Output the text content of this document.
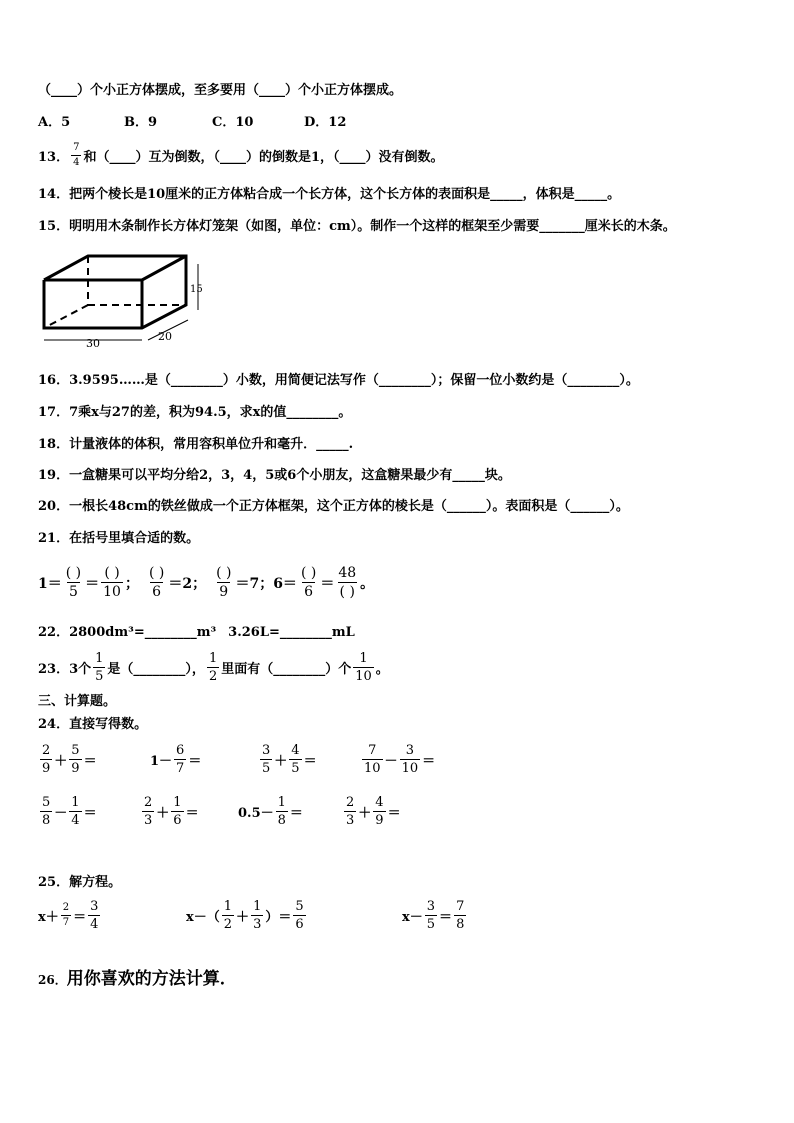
（____）个小正方体摆成，至多要用（____）个小正方体摆成。
A．5	B．9	C．10	D．12
13． $\frac{7}{4}$ 和（____）互为倒数，（____）的倒数是1，（____）没有倒数。
14．把两个棱长是10厘米的正方体粘合成一个长方体，这个长方体的表面积是_____，体积是_____。
15．明明用木条制作长方体灯笼架（如图，单位：cm）。制作一个这样的框架至少需要_______厘米长的木条。
30
20
15
16．3.9595……是（________）小数，用简便记法写作（________）；保留一位小数约是（________）。
17．7乘x与27的差，积为94.5，求x的值________。
18．计量液体的体积，常用容积单位升和毫升．_____.
19．一盒糖果可以平均分给2，3，4，5或6个小朋友，这盒糖果最少有_____块。
20．一根长48cm的铁丝做成一个正方体框架，这个正方体的棱长是（______）。表面积是（______）。
21．在括号里填合适的数。
$1= \frac{( )}{5} = \frac{( )}{10}$ ； $\frac{( )}{6} =2$； $\frac{( )}{9} =7$；$6= \frac{( )}{6} = \frac{48}{( )}$ 。
22．2800dm³=________m³ 3.26L=________mL
23． 3个 $\frac{1}{5}$ 是（________）， $\frac{1}{2}$ 里面有（________）个 $\frac{1}{10}$ 。
三、计算题。
24．直接写得数。
$\frac{2}{9} + \frac{5}{9}$ ＝	$1- \frac{6}{7}$ ＝	$\frac{3}{5} + \frac{4}{5}$ ＝	$\frac{7}{10} - \frac{3}{10}$ ＝
$\frac{5}{8} - \frac{1}{4}$ ＝	$\frac{2}{3} + \frac{1}{6}$ ＝	$0.5- \frac{1}{8}$ ＝	$\frac{2}{3} + \frac{4}{9}$ ＝
25．解方程。
$x+ \frac{2}{7} = \frac{3}{4}$	$x-( \frac{1}{2} + \frac{1}{3}$ ）＝ $\frac{5}{6}$	$x- \frac{3}{5} = \frac{7}{8}$
26．用你喜欢的方法计算．
